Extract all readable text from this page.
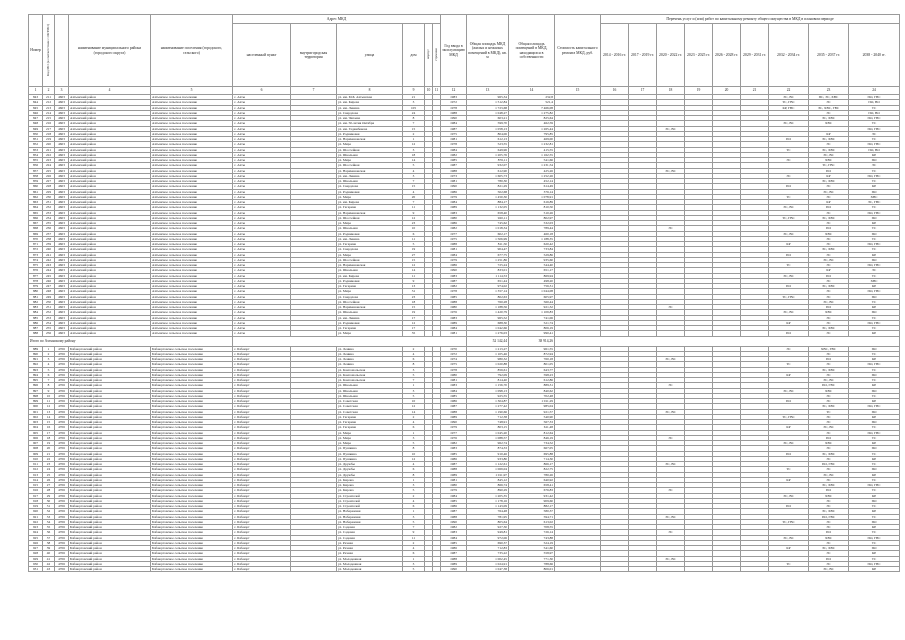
Номер	Код МО (в соответствии с ОКТМО)		наименование муниципального района (городского округа)	наименование поселения (городского, сельского)	Адрес МКД						Год ввода в эксплуатацию МКД	Общая площадь МКД (жилых и нежилых помещений в МКД), кв. м	Общая площадь помещений в МКД, находящихся в собственности	Стоимость капитального ремонта МКД, руб.	Перечень услуг и (или) работ по капитальному ремонту общего имущества в МКД в плановом периоде								
					населенный пункт	внутригородская территория	улица	дом	корпус	строение					2014 - 2016 гг.	2017 - 2019 гг.	2020 - 2022 гг.	2023 - 2025 гг.	2026 - 2028 гг.	2029 - 2031 гг.	2032 - 2034 гг.	2035 - 2037 гг.	2038 - 2040 гг.
1	2	3	4	5	6	7	8	9	10	11	12	13	14	15	16	17	18	19	20	21	22	23	24
843	211	4603	Ахтынский район	Ахтынское сельское поселение	с. Ахты		ул. им. М.Б. Ахтынская	21			1983	965,34	232,8								ЭС, ВС	ПС, ЭС, ХВС	ПО, ГВС
844	212	4603	Ахтынский район	Ахтынское сельское поселение	с. Ахты		ул. им. Кирова	3			1972	1 512,84	521,4								ТС, ГВС	ЭС	ПО, ВО
845	213	4603	Ахтынский район	Ахтынское сельское поселение	с. Ахты		ул. им. Ленина	105			1978	1 723,68	7 466,08								КР, ГВС	ЭС, ХВС, ГВС	ТС
846	214	4603	Ахтынский район	Ахтынское сельское поселение	с. Ахты		ул. Свердлова	24			1988	1 048,27	1 275,82									ЭС	ПО, ВО
847	215	4603	Ахтынский район	Ахтынское сельское поселение	с. Ахты		ул. им. Чапаева	8			1990	603,21	825,64									ЭС, ХВС	ПО, ГВС
848	216	4603	Ахтынский район	Ахтынское сельское поселение	с. Ахты		ул. им. 50-летия Октября	7			1984	599,70	462,59								ЭС, ВС	ХВС	ТС
849	217	4603	Ахтынский район	Ахтынское сельское поселение	с. Ахты		ул. им. Гаджибекова	15			1987	1 058,13	1 265,44				ЭС, ВС						ПО, ГВС
850	218	4603	Ахтынский район	Ахтынское сельское поселение	с. Ахты		ул. Родниковая	2			1975	804,06	795,85									КР	ЭС
851	219	4603	Ахтынский район	Ахтынское сельское поселение	с. Ахты		ул. Наримановская	1			1981	612,13	469,00								ПО	ЭС, ХВС	ТС
852	220	4603	Ахтынский район	Ахтынское сельское поселение	с. Ахты		ул. Мира	12			1978	523,55	1 232,81									ЭС	ПО, ГВС
853	221	4603	Ахтынский район	Ахтынское сельское поселение	с. Ахты		ул. Шоссейная	3			1984	649,96	415,55								ТС	ЭС, ХВС	ПО, ВО
854	222	4603	Ахтынский район	Ахтынское сельское поселение	с. Ахты		ул. Школьная	18			1982	1 205,76	1 162,55									ЭС, ВС	КР
855	223	4603	Ахтынский район	Ахтынское сельское поселение	с. Ахты		ул. Мира	14			1985	876,11	541,66								ЭС	ХВС	ПО
856	224	4603	Ахтынский район	Ахтынское сельское поселение	с. Ахты		ул. Шоссейная	5			1987	932,07	1 231,54									ТС, ГВС	ЭС
857	225	4603	Ахтынский район	Ахтынское сельское поселение	с. Ахты		ул. Наримановская	4			1988	612,90	425,26				ЭС, ВС					ПО	ТС
858	226	4603	Ахтынский район	Ахтынское сельское поселение	с. Ахты		ул. им. Ленина	3			1973	1 605,73	1 252,26								ЭС	КР	ПО, ГВС
859	227	4603	Ахтынский район	Ахтынское сельское поселение	с. Ахты		ул. Школьная	7			1981	780,30	452,14									ЭС, ХВС	ТС
860	228	4603	Ахтынский район	Ахтынское сельское поселение	с. Ахты		ул. Свердлова	15			1990	821,29	614,49								ПО	ЭС	КР
861	229	4603	Ахтынский район	Ахтынское сельское поселение	с. Ахты		ул. Родниковая	4			1986	502,68	376,14									ЭС, ВС	ПО
862	230	4603	Ахтынский район	Ахтынское сельское поселение	с. Ахты		ул. Мира	20			1979	1 450,30	1 078,91								ТС	ЭС	ХВС
863	231	4603	Ахтынский район	Ахтынское сельское поселение	с. Ахты		ул. им. Кирова	7			1984	884,17	616,89									КР	ЭС, ГВС
864	232	4603	Ахтынский район	Ахтынское сельское поселение	с. Ахты		ул. Гагарина	11			1989	1 132,05	810,50								ЭС, ВС	ПО	ТС
865	233	4603	Ахтынский район	Ахтынское сельское поселение	с. Ахты		ул. Наримановская	9			1983	658,40	510,26									ЭС	ПО, ГВС
866	234	4603	Ахтынский район	Ахтынское сельское поселение	с. Ахты		ул. Шоссейная	12			1980	920,11	802,97								ТС, ГВС	ЭС, ХВС	ПО
867	235	4603	Ахтынский район	Ахтынское сельское поселение	с. Ахты		ул. Мира	23			1986	745,62	532,03									ЭС	КР
868	236	4603	Ахтынский район	Ахтынское сельское поселение	с. Ахты		ул. Школьная	10			1982	1 018,34	789,44				ЭС					ПО	ТС
869	237	4603	Ахтынский район	Ахтынское сельское поселение	с. Ахты		ул. Родниковая	6			1977	602,17	460,18								ЭС, ВС	ХВС	ПО
870	238	4603	Ахтынский район	Ахтынское сельское поселение	с. Ахты		ул. им. Ленина	11			1975	1 506,99	1 188,35									ЭС	ТС
871	239	4603	Ахтынский район	Ахтынское сельское поселение	с. Ахты		ул. Гагарина	5			1988	811,50	620,42								КР	ЭС	ПО, ГВС
872	240	4603	Ахтынский район	Ахтынское сельское поселение	с. Ахты		ул. Свердлова	19			1981	904,47	733,84									ЭС, ХВС	ТС
873	241	4603	Ахтынский район	Ахтынское сельское поселение	с. Ахты		ул. Мира	27			1984	677,75	529,86								ПО	ЭС	КР
874	242	4603	Ахтынский район	Ахтынское сельское поселение	с. Ахты		ул. Шоссейная	15			1979	1 251,86	935,60									ЭС, ВС	ПО
875	243	4603	Ахтынский район	Ахтынское сельское поселение	с. Ахты		ул. Наримановская	12			1986	725,24	544,40								ТС	ЭС	ПО, ГВС
876	244	4603	Ахтынский район	Ахтынское сельское поселение	с. Ахты		ул. Школьная	14			1990	833,01	651,17									КР	ЭС
877	245	4603	Ахтынский район	Ахтынское сельское поселение	с. Ахты		ул. им. Кирова	11			1983	1 114,53	869,94								ЭС, ВС	ПО	ТС
878	246	4603	Ахтынский район	Ахтынское сельское поселение	с. Ахты		ул. Родниковая	9			1987	651,44	498,20									ЭС	ХВС
879	247	4603	Ахтынский район	Ахтынское сельское поселение	с. Ахты		ул. Гагарина	13			1982	974,02	756,31								ПО	ЭС, ХВС	КР
880	248	4603	Ахтынский район	Ахтынское сельское поселение	с. Ахты		ул. Мира	31			1978	1 357,14	1 044,08									ЭС	ПО, ГВС
881	249	4603	Ахтынский район	Ахтынское сельское поселение	с. Ахты		ул. Свердлова	23			1985	802,63	605,97								ТС, ГВС	ЭС	ПО
882	250	4603	Ахтынский район	Ахтынское сельское поселение	с. Ахты		ул. Шоссейная	18			1988	760,28	560,44									ЭС, ВС	ТС
883	251	4603	Ахтынский район	Ахтынское сельское поселение	с. Ахты		ул. Наримановская	15			1980	1 188,56	921,32				ЭС					ПО	КР
884	252	4603	Ахтынский район	Ахтынское сельское поселение	с. Ахты		ул. Школьная	19			1976	1 420,79	1 109,83								ЭС, ВС	ХВС	ПО
885	253	4603	Ахтынский район	Ахтынское сельское поселение	с. Ахты		ул. им. Ленина	17			1983	965,52	741,06									ЭС	ТС
886	254	4603	Ахтынский район	Ахтынское сельское поселение	с. Ахты		ул. Родниковая	12			1989	688,30	521,74								КР	ЭС	ПО, ГВС
887	255	4603	Ахтынский район	Ахтынское сельское поселение	с. Ахты		ул. Гагарина	17			1984	1 042,66	806,19									ЭС, ХВС	ТС
888	256	4603	Ахтынский район	Ахтынское сельское поселение	с. Ахты		ул. Мира	35			1981	1 276,03	990,41								ПО	ЭС	КР
Итого по Ахтынскому району												52 142,44	38 914,26										
889	1	4706	Бабаюртовский район	Бабаюртовское сельское поселение	с. Бабаюрт		ул. Ленина	2			1970	1 213,27	961,55								ЭС	ХВС, ГВС	ПО
890	2	4706	Бабаюртовский район	Бабаюртовское сельское поселение	с. Бабаюрт		ул. Ленина	4			1972	1 105,46	872,94									ЭС	ТС
891	3	4706	Бабаюртовский район	Бабаюртовское сельское поселение	с. Бабаюрт		ул. Ленина	6			1974	980,32	760,18				ЭС, ВС					ПО	КР
892	4	4706	Бабаюртовский район	Бабаюртовское сельское поселение	с. Бабаюрт		ул. Ленина	8			1975	1 020,88	801,05								ТС	ЭС	ПО, ГВС
893	5	4706	Бабаюртовский район	Бабаюртовское сельское поселение	с. Бабаюрт		ул. Комсомольская	3			1978	856,61	643,77									ЭС, ХВС	ТС
894	6	4706	Бабаюртовский район	Бабаюртовское сельское поселение	с. Бабаюрт		ул. Комсомольская	5			1980	792,09	598,23								КР	ЭС	ПО
895	7	4706	Бабаюртовский район	Бабаюртовское сельское поселение	с. Бабаюрт		ул. Комсомольская	7			1981	814,40	612,86									ЭС, ВС	ТС
896	8	4706	Бабаюртовский район	Бабаюртовское сельское поселение	с. Бабаюрт		ул. Школьная	1			1983	1 156,70	889,31				ЭС					ПО, ГВС	КР
897	9	4706	Бабаюртовский район	Бабаюртовское сельское поселение	с. Бабаюрт		ул. Школьная	3			1984	1 098,13	840,62								ЭС, ВС	ХВС	ПО
898	10	4706	Бабаюртовский район	Бабаюртовское сельское поселение	с. Бабаюрт		ул. Школьная	5			1985	925,55	702,48									ЭС	ТС
899	11	4706	Бабаюртовский район	Бабаюртовское сельское поселение	с. Бабаюрт		ул. Советская	10			1986	1 304,87	1 011,29								ПО	ЭС	КР
900	12	4706	Бабаюртовский район	Бабаюртовское сельское поселение	с. Бабаюрт		ул. Советская	12			1987	1 277,42	985,04									ЭС, ХВС	ПО, ГВС
901	13	4706	Бабаюртовский район	Бабаюртовское сельское поселение	с. Бабаюрт		ул. Советская	14			1988	1 190,66	921,57				ЭС, ВС					ТС	ПО
902	14	4706	Бабаюртовский район	Бабаюртовское сельское поселение	с. Бабаюрт		ул. Гагарина	2			1989	712,38	540,90								ТС, ГВС	ЭС	КР
903	15	4706	Бабаюртовский район	Бабаюртовское сельское поселение	с. Бабаюрт		ул. Гагарина	4			1990	748,91	567,33									ЭС	ПО
904	16	4706	Бабаюртовский район	Бабаюртовское сельское поселение	с. Бабаюрт		ул. Гагарина	6			1979	803,15	611,48								КР	ЭС, ВС	ТС
905	17	4706	Бабаюртовский район	Бабаюртовское сельское поселение	с. Бабаюрт		ул. Мира	1			1977	1 045,20	812,64									ЭС	ПО, ГВС
906	18	4706	Бабаюртовский район	Бабаюртовское сельское поселение	с. Бабаюрт		ул. Мира	3			1976	1 088,57	846,19				ЭС					ПО	ТС
907	19	4706	Бабаюртовский район	Бабаюртовское сельское поселение	с. Бабаюрт		ул. Мира	5			1982	962,74	734,52								ЭС, ВС	ХВС	КР
908	20	4706	Бабаюртовский район	Бабаюртовское сельское поселение	с. Бабаюрт		ул. Пушкина	8			1983	874,33	667,05									ЭС	ПО
909	21	4706	Бабаюртовский район	Бабаюртовское сельское поселение	с. Бабаюрт		ул. Пушкина	10			1985	910,46	695,88								ПО	ЭС, ХВС	ТС
910	22	4706	Бабаюртовский район	Бабаюртовское сельское поселение	с. Бабаюрт		ул. Пушкина	12			1986	933,80	714,30									ЭС	КР
911	23	4706	Бабаюртовский район	Бабаюртовское сельское поселение	с. Бабаюрт		ул. Дружбы	4			1987	1 122,61	866,17				ЭС, ВС					ПО, ГВС	ТС
912	24	4706	Бабаюртовский район	Бабаюртовское сельское поселение	с. Бабаюрт		ул. Дружбы	6			1988	1 069,04	822,75								ТС	ЭС	ПО
913	25	4706	Бабаюртовский район	Бабаюртовское сельское поселение	с. Бабаюрт		ул. Дружбы	8			1989	1 011,97	780,26									ЭС, ВС	КР
914	26	4706	Бабаюртовский район	Бабаюртовское сельское поселение	с. Бабаюрт		ул. Кирова	1			1981	845,12	640,92								КР	ЭС	ТС
915	27	4706	Бабаюртовский район	Бабаюртовское сельское поселение	с. Бабаюрт		ул. Кирова	3			1980	866,74	658,41									ЭС, ХВС	ПО, ГВС
916	28	4706	Бабаюртовский район	Бабаюртовское сельское поселение	с. Бабаюрт		ул. Кирова	5			1979	890,29	676,83				ЭС					ПО	ТС
917	29	4706	Бабаюртовский район	Бабаюртовское сельское поселение	с. Бабаюрт		ул. Строителей	2			1984	1 205,35	931,42								ЭС, ВС	ХВС	КР
918	30	4706	Бабаюртовский район	Бабаюртовское сельское поселение	с. Бабаюрт		ул. Строителей	4			1985	1 178,16	909,60									ЭС	ПО
919	31	4706	Бабаюртовский район	Бабаюртовское сельское поселение	с. Бабаюрт		ул. Строителей	6			1986	1 143,09	882,17								ПО	ЭС	ТС
920	32	4706	Бабаюртовский район	Бабаюртовское сельское поселение	с. Бабаюрт		ул. Набережная	1			1987	764,48	580,37									ЭС, ХВС	КР
921	33	4706	Бабаюртовский район	Бабаюртовское сельское поселение	с. Бабаюрт		ул. Набережная	3			1988	781,95	594,71				ЭС, ВС					ПО, ГВС	ТС
922	34	4706	Бабаюртовский район	Бабаюртовское сельское поселение	с. Бабаюрт		ул. Набережная	5			1990	805,64	613,02								ТС, ГВС	ЭС	ПО
923	35	4706	Бабаюртовский район	Бабаюртовское сельское поселение	с. Бабаюрт		ул. Садовая	7			1982	927,30	708,55									ЭС	КР
924	36	4706	Бабаюртовский район	Бабаюртовское сельское поселение	с. Бабаюрт		ул. Садовая	9			1983	949,81	726,14				ЭС					ПО	ТС
925	37	4706	Бабаюртовский район	Бабаюртовское сельское поселение	с. Бабаюрт		ул. Садовая	11			1984	972,06	743,88								ЭС, ВС	ХВС	ПО, ГВС
926	38	4706	Бабаюртовский район	Бабаюртовское сельское поселение	с. Бабаюрт		ул. Речная	2			1985	690,37	524,19									ЭС	ТС
927	39	4706	Бабаюртовский район	Бабаюртовское сельское поселение	с. Бабаюрт		ул. Речная	4			1986	712,83	541,60								КР	ЭС, ХВС	ПО
928	40	4706	Бабаюртовский район	Бабаюртовское сельское поселение	с. Бабаюрт		ул. Речная	6			1987	735,22	558,97									ЭС	КР
929	41	4706	Бабаюртовский район	Бабаюртовское сельское поселение	с. Бабаюрт		ул. Молодежная	1			1988	1 002,45	771,30				ЭС, ВС					ПО	ТС
930	42	4706	Бабаюртовский район	Бабаюртовское сельское поселение	с. Бабаюрт		ул. Молодежная	3			1989	1 024,91	788,66								ТС	ЭС	ПО, ГВС
931	43	4706	Бабаюртовский район	Бабаюртовское сельское поселение	с. Бабаюрт		ул. Молодежная	5			1990	1 047,38	806,01									ЭС, ВС	КР
